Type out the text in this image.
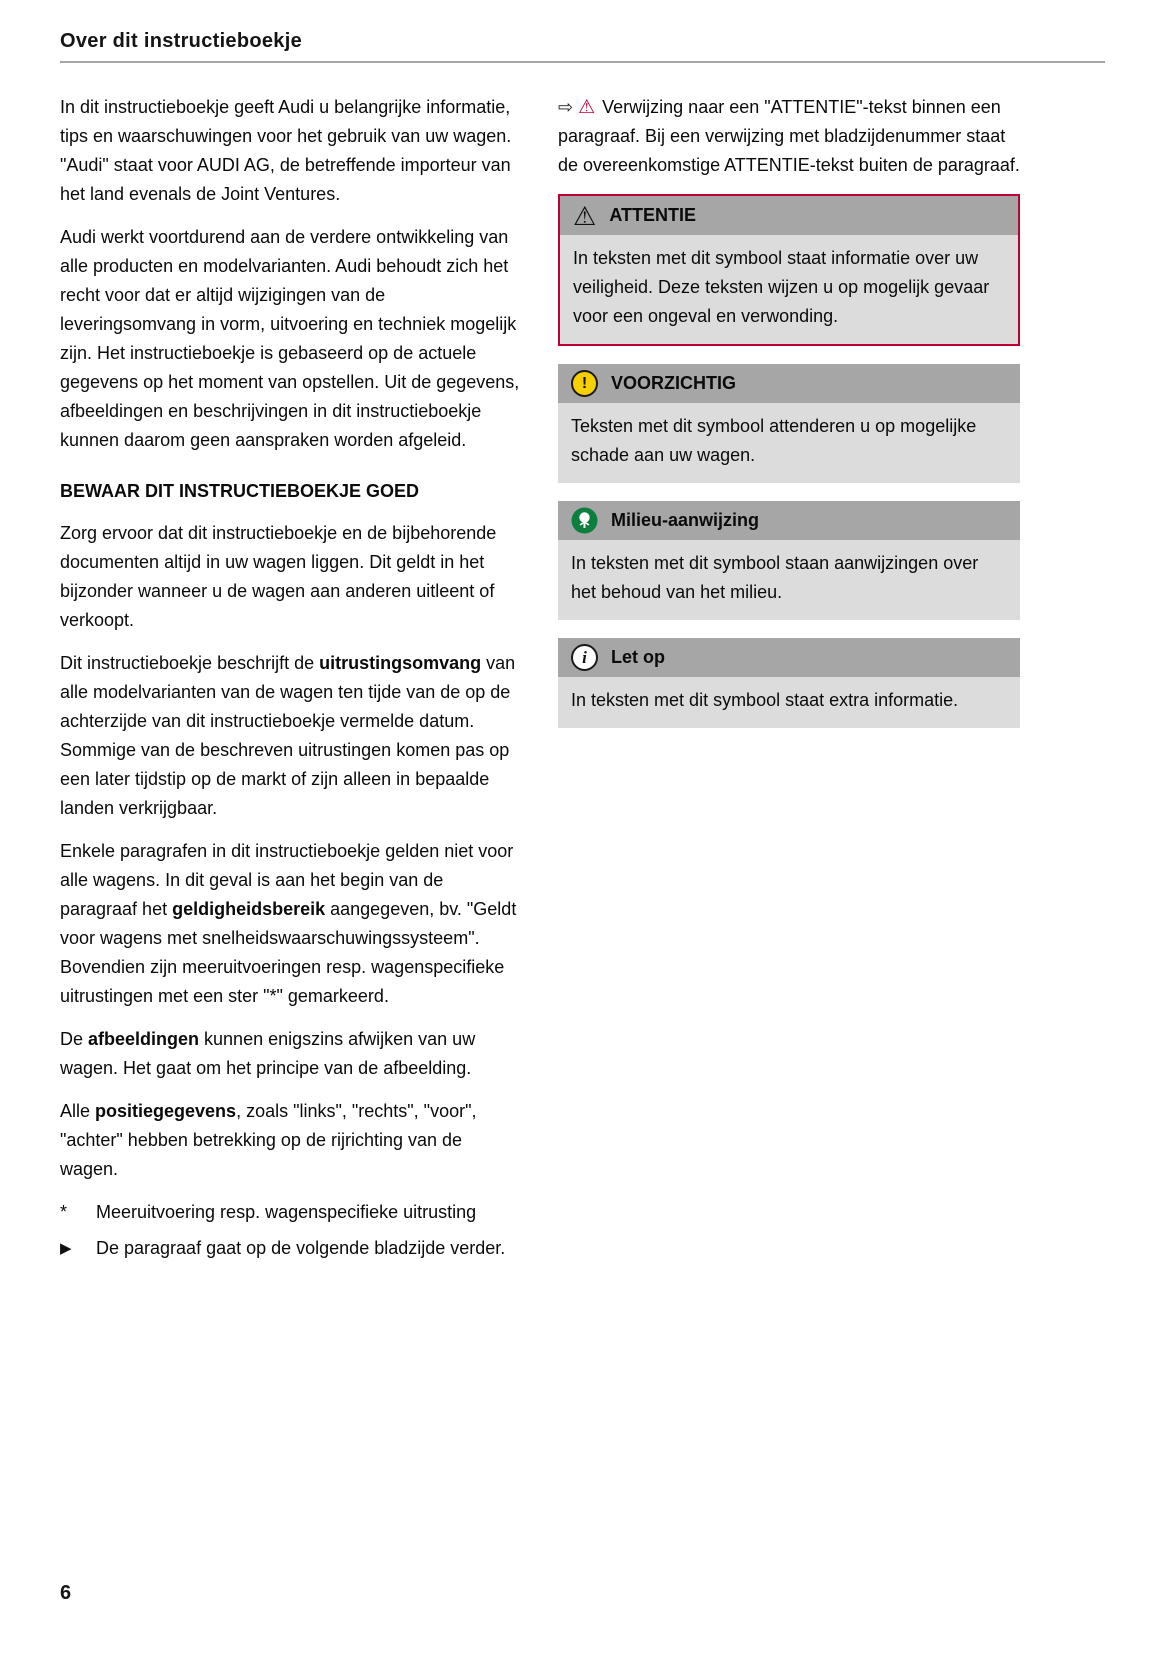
Over dit instructieboekje

In dit instructieboekje geeft Audi u belangrijke informatie, tips en waarschuwingen voor het gebruik van uw wagen. "Audi" staat voor AUDI AG, de betreffende importeur van het land evenals de Joint Ventures.

Audi werkt voortdurend aan de verdere ontwikkeling van alle producten en modelvarianten. Audi behoudt zich het recht voor dat er altijd wijzigingen van de leveringsomvang in vorm, uitvoering en techniek mogelijk zijn. Het instructieboekje is gebaseerd op de actuele gegevens op het moment van opstellen. Uit de gegevens, afbeeldingen en beschrijvingen in dit instructieboekje kunnen daarom geen aanspraken worden afgeleid.

BEWAAR DIT INSTRUCTIEBOEKJE GOED

Zorg ervoor dat dit instructieboekje en de bijbehorende documenten altijd in uw wagen liggen. Dit geldt in het bijzonder wanneer u de wagen aan anderen uitleent of verkoopt.

Dit instructieboekje beschrijft de uitrustingsomvang van alle modelvarianten van de wagen ten tijde van de op de achterzijde van dit instructieboekje vermelde datum. Sommige van de beschreven uitrustingen komen pas op een later tijdstip op de markt of zijn alleen in bepaalde landen verkrijgbaar.

Enkele paragrafen in dit instructieboekje gelden niet voor alle wagens. In dit geval is aan het begin van de paragraaf het geldigheidsbereik aangegeven, bv. "Geldt voor wagens met snelheidswaarschuwingssysteem". Bovendien zijn meeruitvoeringen resp. wagenspecifieke uitrustingen met een ster "*" gemarkeerd.

De afbeeldingen kunnen enigszins afwijken van uw wagen. Het gaat om het principe van de afbeelding.

Alle positiegegevens, zoals "links", "rechts", "voor", "achter" hebben betrekking op de rijrichting van de wagen.

*	Meeruitvoering resp. wagenspecifieke uitrusting
▶	De paragraaf gaat op de volgende bladzijde verder.

⇨ ⚠ Verwijzing naar een "ATTENTIE"-tekst binnen een paragraaf. Bij een verwijzing met bladzijdenummer staat de overeenkomstige ATTENTIE-tekst buiten de paragraaf.

⚠ ATTENTIE
In teksten met dit symbool staat informatie over uw veiligheid. Deze teksten wijzen u op mogelijk gevaar voor een ongeval en verwonding.
!	VOORZICHTIG
Teksten met dit symbool attenderen u op mogelijke schade aan uw wagen.
Milieu-aanwijzing
In teksten met dit symbool staan aanwijzingen over het behoud van het milieu.
i	Let op
In teksten met dit symbool staat extra informatie.
6
